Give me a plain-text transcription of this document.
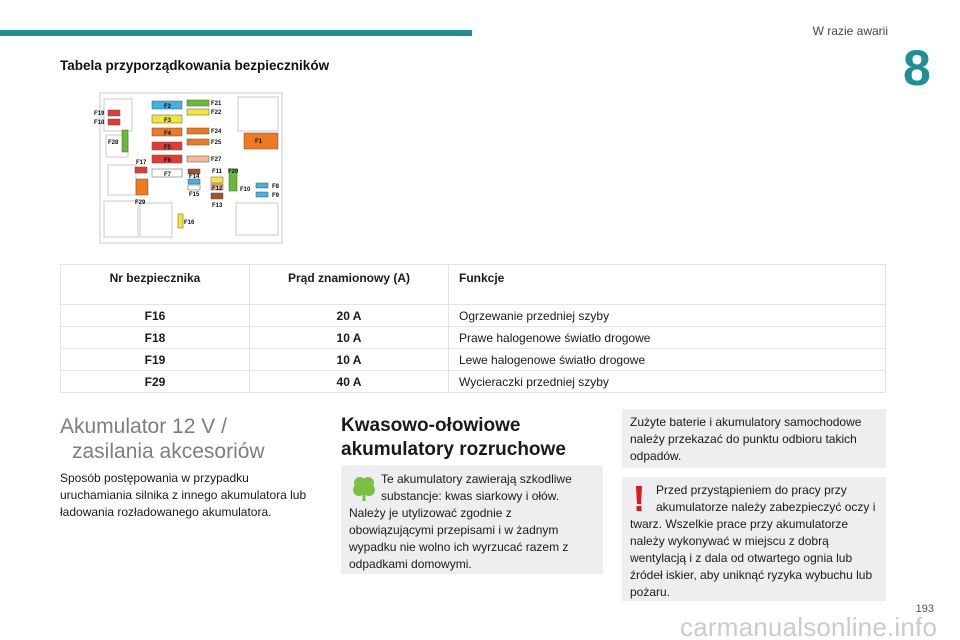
W razie awarii
8
Tabela przyporządkowania bezpieczników
F19
F18
F28
F2
F3
F4
F5
F6
F7
F21
F22
F24
F25
F27
F1
F17
F11
F14
F15
F20
F12
F13
F10	F8
F9
F29
F16
Nr bezpiecznika	Prąd znamionowy (A)	Funkcje
F16	20 A	Ogrzewanie przedniej szyby
F18	10 A	Prawe halogenowe światło drogowe
F19	10 A	Lewe halogenowe światło drogowe
F29	40 A	Wycieraczki przedniej szyby
Akumulator 12 V /
zasilania akcesoriów

Sposób postępowania w przypadku uruchamiania silnika z innego akumulatora lub ładowania rozładowanego akumulatora.

Kwasowo-ołowiowe akumulatory rozruchowe
Te akumulatory zawierają szkodliwe
substancje: kwas siarkowy i ołów.
Należy je utylizować zgodnie z obowiązującymi przepisami i w żadnym wypadku nie wolno ich wyrzucać razem z odpadkami domowymi.
Zużyte baterie i akumulatory samochodowe należy przekazać do punktu odbioru takich odpadów.
Przed przystąpieniem do pracy przy
akumulatorze należy zabezpieczyć oczy i
twarz. Wszelkie prace przy akumulatorze należy wykonywać w miejscu z dobrą wentylacją i z dala od otwartego ognia lub źródeł iskier, aby uniknąć ryzyka wybuchu lub pożaru.
193
carmanualsonline.info
